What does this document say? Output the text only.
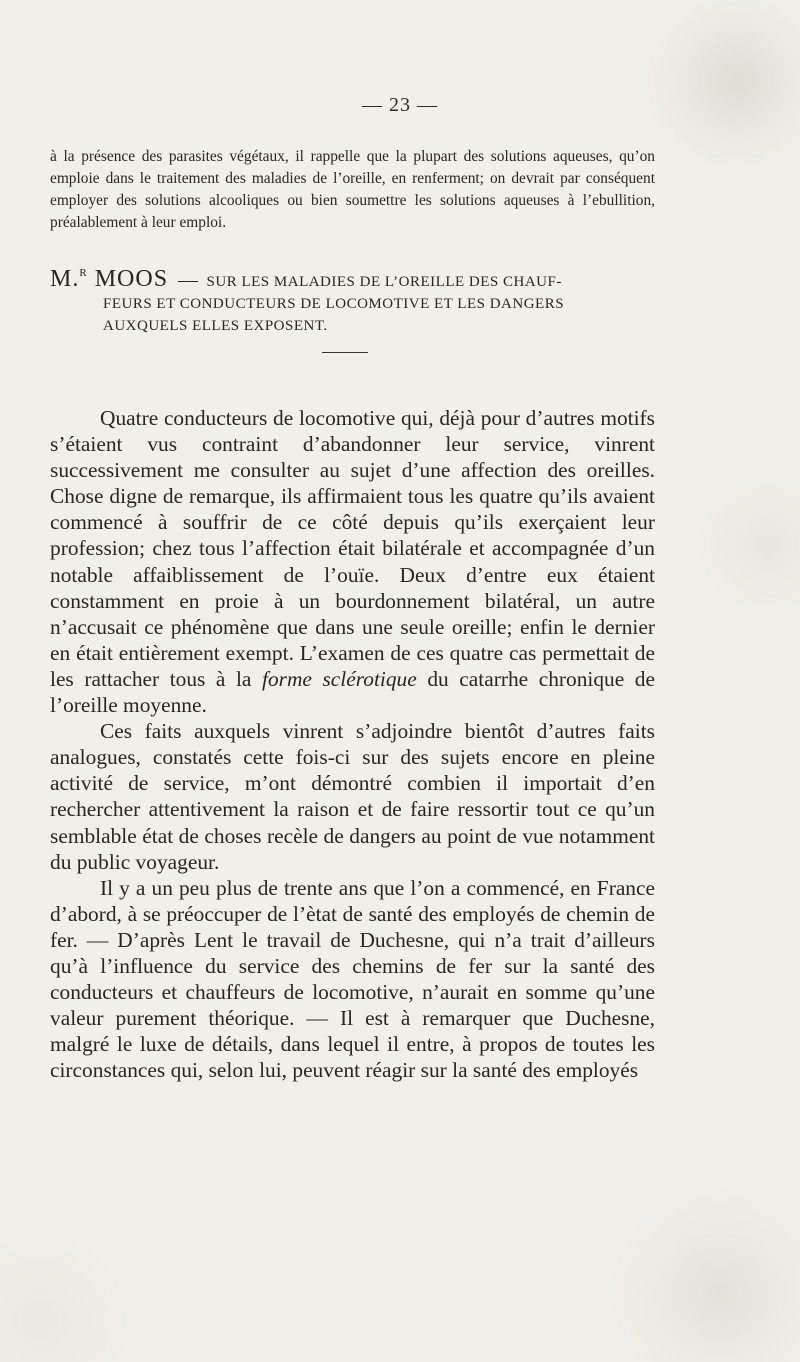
— 23 —

à la présence des parasites végétaux, il rappelle que la plupart des solutions aqueuses, qu’on emploie dans le traitement des maladies de l’oreille, en renferment; on devrait par conséquent employer des solutions alcooliques ou bien soumettre les solutions aqueuses à l’ebullition, préalablement à leur emploi.

M.$^R$ MOOS — SUR LES MALADIES DE L’OREILLE DES CHAUF-
FEURS ET CONDUCTEURS DE LOCOMOTIVE ET LES DANGERS
AUXQUELS ELLES EXPOSENT.

Quatre conducteurs de locomotive qui, déjà pour d’autres motifs s’étaient vus contraint d’abandonner leur service, vinrent successivement me consulter au sujet d’une affection des oreilles. Chose digne de remarque, ils affirmaient tous les quatre qu’ils avaient commencé à souffrir de ce côté depuis qu’ils exerçaient leur profession; chez tous l’affection était bilatérale et accompagnée d’un notable affaiblissement de l’ouïe. Deux d’entre eux étaient constamment en proie à un bourdonnement bilatéral, un autre n’accusait ce phénomène que dans une seule oreille; enfin le dernier en était entièrement exempt. L’examen de ces quatre cas permettait de les rattacher tous à la forme sclérotique du catarrhe chronique de l’oreille moyenne.

Ces faits auxquels vinrent s’adjoindre bientôt d’autres faits analogues, constatés cette fois-ci sur des sujets encore en pleine activité de service, m’ont démontré combien il importait d’en rechercher attentivement la raison et de faire ressortir tout ce qu’un semblable état de choses recèle de dangers au point de vue notamment du public voyageur.

Il y a un peu plus de trente ans que l’on a commencé, en France d’abord, à se préoccuper de l’ètat de santé des employés de chemin de fer. — D’après Lent le travail de Duchesne, qui n’a trait d’ailleurs qu’à l’influence du service des chemins de fer sur la santé des conducteurs et chauffeurs de locomotive, n’aurait en somme qu’une valeur purement théorique. — Il est à remarquer que Duchesne, malgré le luxe de détails, dans lequel il entre, à propos de toutes les circonstances qui, selon lui, peuvent réagir sur la santé des employés
